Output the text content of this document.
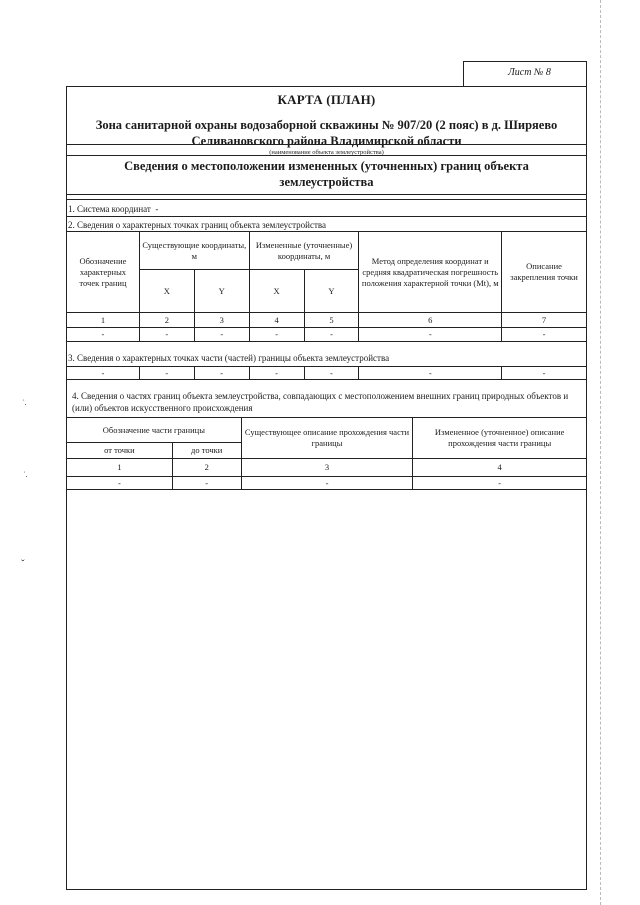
˙.
˙.
ˇ
Лист № 8
КАРТА (ПЛАН)
Зона санитарной охраны водозаборной скважины № 907/20 (2 пояс) в д. Ширяево Селивановского района Владимирской области
(наименование объекта землеустройства)
Сведения о местоположении измененных (уточненных) границ объекта землеустройства
1. Система координат -
2. Сведения о характерных точках границ объекта землеустройства
Обозначение характерных точек границ	Существующие координаты, м		Измененные (уточненные) координаты, м		Метод определения координат и средняя квадратическая погрешность положения характерной точки (Mt), м	Описание закрепления точки
	X	Y	X	Y		
1	2	3	4	5	6	7
-	-	-	-	-	-	-
3. Сведения о характерных точках части (частей) границы объекта землеустройства
-	-	-	-	-	-	-
4. Сведения о частях границ объекта землеустройства, совпадающих с местоположением внешних границ природных объектов и (или) объектов искусственного происхождения
Обозначение части границы		Существующее описание прохождения части границы	Измененное (уточненное) описание прохождения части границы
от точки	до точки		
1	2	3	4
-	-	-	-
